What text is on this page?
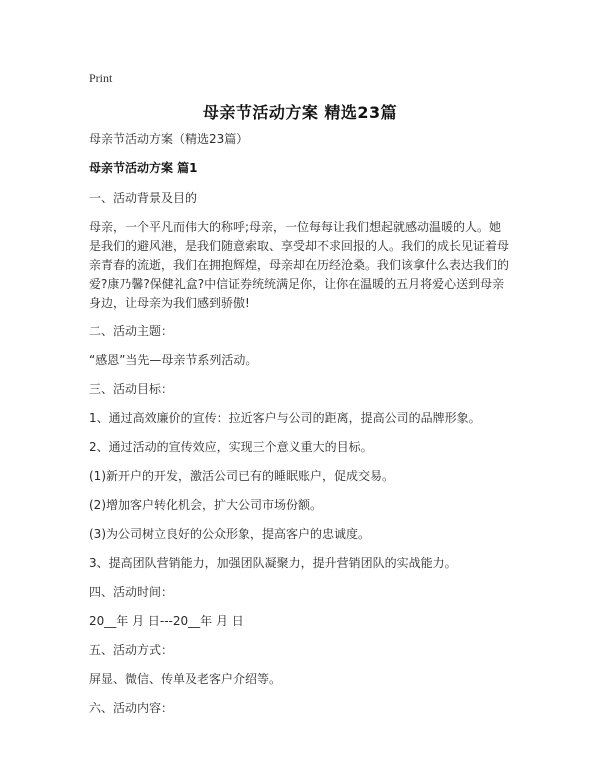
Print
母亲节活动方案 精选23篇

母亲节活动方案（精选23篇）

母亲节活动方案 篇1

一、活动背景及目的

母亲，一个平凡而伟大的称呼;母亲，一位每每让我们想起就感动温暖的人。她是我们的避风港，是我们随意索取、享受却不求回报的人。我们的成长见证着母亲青春的流逝，我们在拥抱辉煌，母亲却在历经沧桑。我们该拿什么表达我们的爱?康乃馨?保健礼盒?中信证券统统满足你，让你在温暖的五月将爱心送到母亲身边，让母亲为我们感到骄傲!

二、活动主题：

“感恩”当先—母亲节系列活动。

三、活动目标：

1、通过高效廉价的宣传：拉近客户与公司的距离，提高公司的品牌形象。

2、通过活动的宣传效应，实现三个意义重大的目标。

(1)新开户的开发，激活公司已有的睡眠账户，促成交易。

(2)增加客户转化机会，扩大公司市场份额。

(3)为公司树立良好的公众形象，提高客户的忠诚度。

3、提高团队营销能力，加强团队凝聚力，提升营销团队的实战能力。

四、活动时间：

20__年 月 日---20__年 月 日

五、活动方式：

屏显、微信、传单及老客户介绍等。

六、活动内容：
